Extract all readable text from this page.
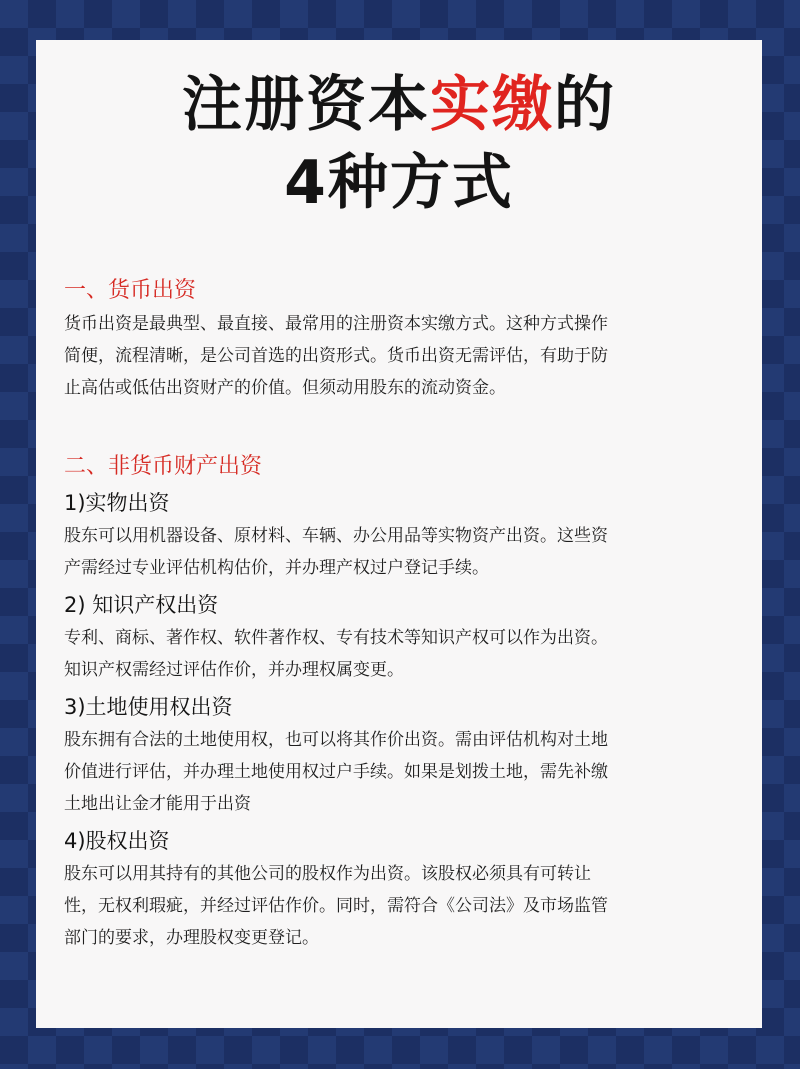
注册资本实缴的
4种方式

一、货币出资

货币出资是最典型、最直接、最常用的注册资本实缴方式。这种方式操作

简便，流程清晰，是公司首选的出资形式。货币出资无需评估，有助于防

止高估或低估出资财产的价值。但须动用股东的流动资金。

二、非货币财产出资

1)实物出资

股东可以用机器设备、原材料、车辆、办公用品等实物资产出资。这些资

产需经过专业评估机构估价，并办理产权过户登记手续。

2) 知识产权出资

专利、商标、著作权、软件著作权、专有技术等知识产权可以作为出资。

知识产权需经过评估作价，并办理权属变更。

3)土地使用权出资

股东拥有合法的土地使用权，也可以将其作价出资。需由评估机构对土地

价值进行评估，并办理土地使用权过户手续。如果是划拨土地，需先补缴

土地出让金才能用于出资

4)股权出资

股东可以用其持有的其他公司的股权作为出资。该股权必须具有可转让

性，无权利瑕疵，并经过评估作价。同时，需符合《公司法》及市场监管

部门的要求，办理股权变更登记。
